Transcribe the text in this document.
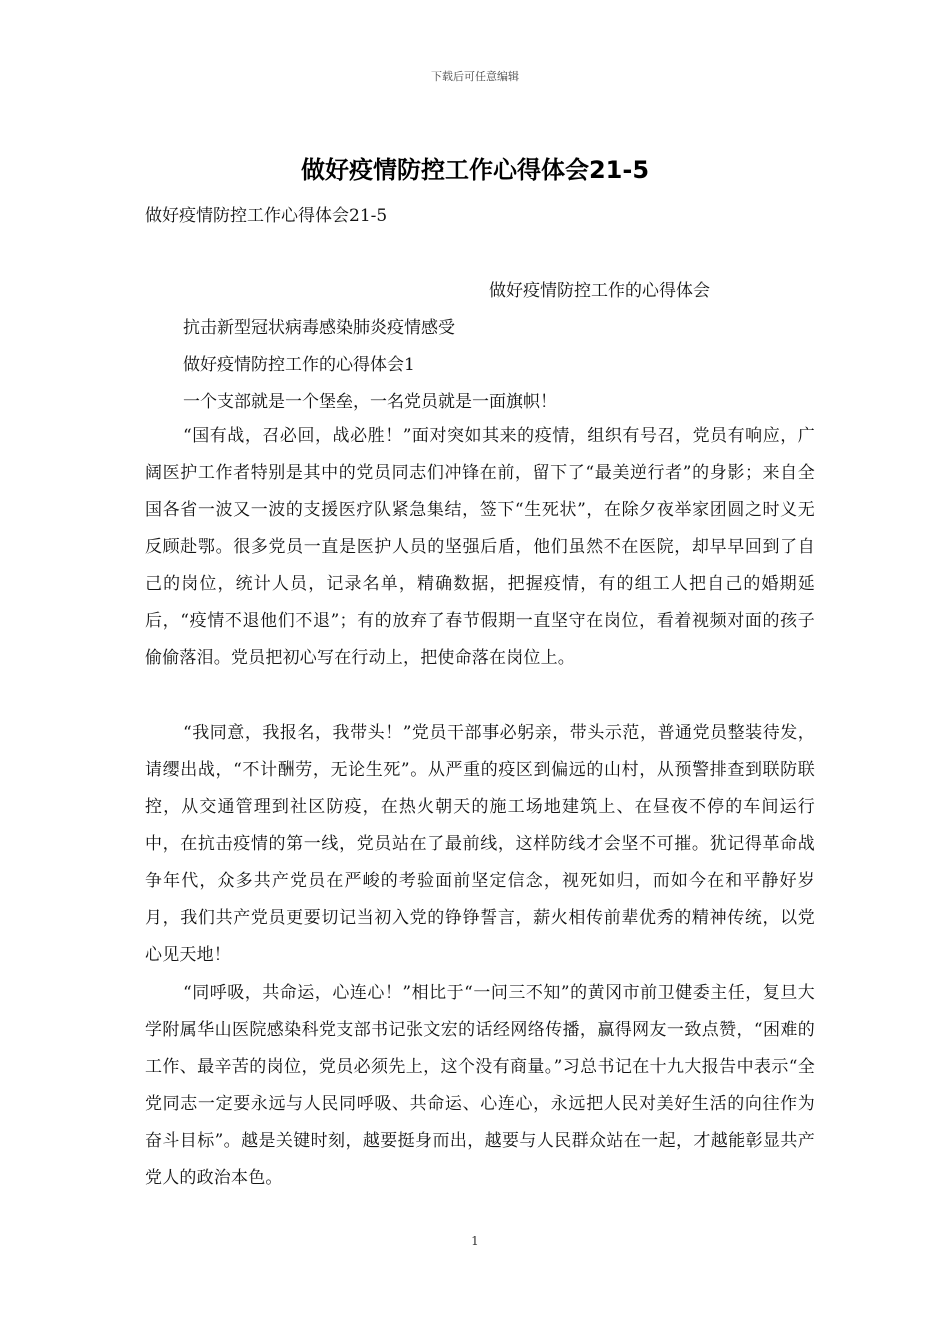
下载后可任意编辑
做好疫情防控工作心得体会21-5
做好疫情防控工作心得体会21-5
做好疫情防控工作的心得体会
抗击新型冠状病毒感染肺炎疫情感受
做好疫情防控工作的心得体会1
一个支部就是一个堡垒，一名党员就是一面旗帜！

“国有战，召必回，战必胜！”面对突如其来的疫情，组织有号召，党员有响应，广阔医护工作者特别是其中的党员同志们冲锋在前，留下了“最美逆行者”的身影；来自全国各省一波又一波的支援医疗队紧急集结，签下“生死状”，在除夕夜举家团圆之时义无反顾赴鄂。很多党员一直是医护人员的坚强后盾，他们虽然不在医院，却早早回到了自己的岗位，统计人员，记录名单，精确数据，把握疫情，有的组工人把自己的婚期延后，“疫情不退他们不退”；有的放弃了春节假期一直坚守在岗位，看着视频对面的孩子偷偷落泪。党员把初心写在行动上，把使命落在岗位上。

“我同意，我报名，我带头！”党员干部事必躬亲，带头示范，普通党员整装待发，请缨出战，“不计酬劳，无论生死”。从严重的疫区到偏远的山村，从预警排查到联防联控，从交通管理到社区防疫，在热火朝天的施工场地建筑上、在昼夜不停的车间运行中，在抗击疫情的第一线，党员站在了最前线，这样防线才会坚不可摧。犹记得革命战争年代，众多共产党员在严峻的考验面前坚定信念，视死如归，而如今在和平静好岁月，我们共产党员更要切记当初入党的铮铮誓言，薪火相传前辈优秀的精神传统，以党心见天地！

“同呼吸，共命运，心连心！”相比于“一问三不知”的黄冈市前卫健委主任，复旦大学附属华山医院感染科党支部书记张文宏的话经网络传播，赢得网友一致点赞，“困难的工作、最辛苦的岗位，党员必须先上，这个没有商量。”习总书记在十九大报告中表示“全党同志一定要永远与人民同呼吸、共命运、心连心，永远把人民对美好生活的向往作为奋斗目标”。越是关键时刻，越要挺身而出，越要与人民群众站在一起，才越能彰显共产党人的政治本色。

1
